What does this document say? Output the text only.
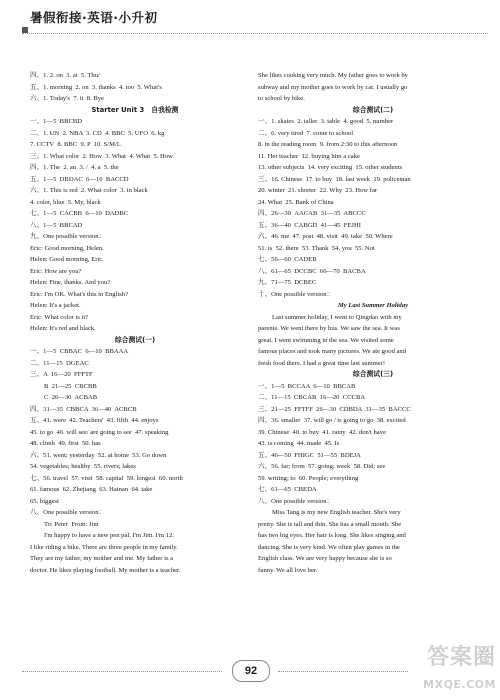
暑假衔接·英语·小升初
四、1. 2. on  3. at  5. Thu/
五、1. morning  2. on  3. thanks  4. too  5. What's
六、1. Today's  7. it  8. Bye
Starter Unit 3   自我检测
一、1—5  BBCBD
二、1. UN  2. NBA  3. CD  4. BBC  5. UFO  6. kg
7. CCTV  8. BBC  9. P  10. S/M/L
三、1. What color  2. How  3. What  4. What  5. How
四、1. The  2. an  3. /  4. a  5. the
五、1—5  DBDAC  6—10  BACCD
六、1. This is red  2. What color  3. in black
4. color, blue  5. My, black
七、1—5  CACBB  6—10  DADBC
八、1—5  BBCAD
九、One possible version：
Eric: Good morning, Helen.
Helen: Good morning, Eric.
Eric: How are you?
Helen: Fine, thanks. And you?
Eric: I'm OK. What's this in English?
Helen: It's a jacket.
Eric: What color is it?
Helen: It's red and black.
综合测试(一)
一、1—5  CBBAC  6—10  BBAAA
二、11—15  DGEAC
三、A  16—20  FFFTF
B  21—25  CBCBB
C  26—30  ACBAB
四、31—35  CBBCA  36—40  ACBCB
五、41. were  42. Teachers'  43. fifth  44. enjoys
45. to go  46. will see/ are going to see  47. speaking
48. climb  49. first  50. has
六、51. went; yesterday  52. at home  53. Go down
54. vegetables; healthy  55. rivers; lakes
七、56. travel  57. visit  58. capital  59. longest  60. north
61. famous  62. Zhejiang  63. Hainan  64. take
65. biggest
八、One possible version：
To: Peter  From: Jim
I'm happy to have a new pen pal. I'm Jim. I'm 12.
I like riding a bike. There are three people in my family.
They are my father, my mother and me. My father is a
doctor. He likes playing football. My mother is a teacher.
She likes cooking very much. My father goes to work by
subway and my mother goes to work by car. I usually go
to school by bike.
综合测试(二)
一、1. skates  2. taller  3. table  4. good  5. number
二、6. very tired  7. come to school
8. in the reading room  9. from 2:30 to this afternoon
11. Her teacher  12. buying him a cake
13. other subjects  14. very exciting  15. other students
三、16. Chinese  17. to buy  18. last week  19. policeman
20. winter  21. shorter  22. Why  23. How far
24. What  25. Bank of China
四、26—30  AACAB  31—35  ABCCC
五、36—40  CABGD  41—45  FEJHI
六、46. me  47. post  48. visit  49. take  50. Where
51. is  52. there  53. Thank  54. you  55. Not
七、56—60  CADEB
八、61—65  DCCBC  66—70  BACBA
九、71—75  DCBEC
十、One possible version：
My Last Summer Holiday
Last summer holiday, I went to Qingdao with my
parents. We went there by bus. We saw the sea. It was
great. I went swimming in the sea. We visited some
famous places and took many pictures. We ate good and
fresh food there. I had a great time last summer!
综合测试(三)
一、1—5  BCCAA  6—10  BBCAB
二、11—15  CBCAB  16—20  CCCBA
三、21—25  FFTFF  26—30  CDBDA  31—35  BACCC
四、36. smaller  37. will go / is going to go  38. excited
39. Chinese  40. to buy  41. rainy  42. don't have
43. is coming  44. made  45. Is
五、46—50  FHIGC  51—55  BDEJA
六、56. far; from  57. going; week  58. Did; see
59. writing; to  60. People; everything
七、61—65  CBEDA
八、One possible version：
Miss Tang is my new English teacher. She's very
pretty. She is tall and thin. She has a small mouth. She
has two big eyes. Her hair is long. She likes singing and
dancing. She is very kind. We often play games in the
English class. We are very happy because she is so
funny. We all love her.
92
答案圈
MXQE.COM
